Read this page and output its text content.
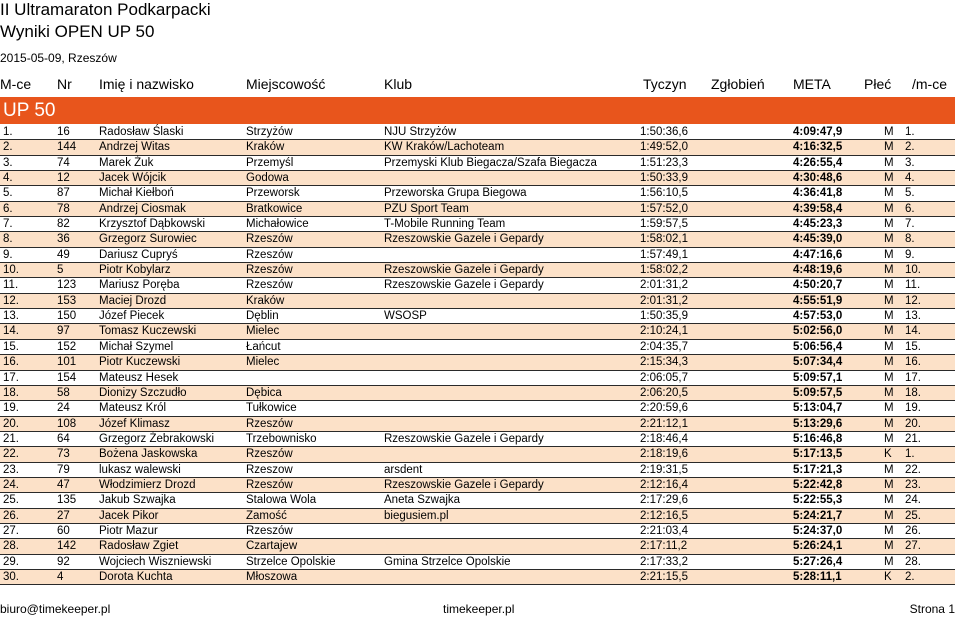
II Ultramaraton Podkarpacki
Wyniki OPEN UP 50
2015-05-09, Rzeszów
M-ce Nr Imię i nazwisko	Miejscowość	Klub	Tyczyn Zgłobień META Płeć /m-ce
UP 50
1.	16	Radosław Ślaski	Strzyżów	NJU Strzyżów	1:50:36,6	4:09:47,9	M 1.
2.	144 Andrzej Witas	Kraków	KW Kraków/Lachoteam	1:49:52,0	4:16:32,5	M 2.
3.	74	Marek Żuk	Przemyśl	Przemyski Klub Biegacza/Szafa Biegacza	1:51:23,3	4:26:55,4	M 3.
4.	12	Jacek Wójcik	Godowa	1:50:33,9	4:30:48,6	M 4.
5.	87	Michał Kiełboń	Przeworsk	Przeworska Grupa Biegowa	1:56:10,5	4:36:41,8	M 5.
6.	78	Andrzej Ciosmak	Bratkowice	PZU Sport Team	1:57:52,0	4:39:58,4	M 6.
7.	82	Krzysztof Dąbkowski	Michałowice	T-Mobile Running Team	1:59:57,5	4:45:23,3	M 7.
8.	36	Grzegorz Surowiec	Rzeszów	Rzeszowskie Gazele i Gepardy	1:58:02,1	4:45:39,0	M 8.
9.	49	Dariusz Cupryś	Rzeszów	1:57:49,1	4:47:16,6	M 9.
10.	5	Piotr Kobylarz	Rzeszów	Rzeszowskie Gazele i Gepardy	1:58:02,2	4:48:19,6	M 10.
11.	123 Mariusz Poręba	Rzeszów	Rzeszowskie Gazele i Gepardy	2:01:31,2	4:50:20,7	M 11.
12.	153 Maciej Drozd	Kraków	2:01:31,2	4:55:51,9	M 12.
13.	150 Józef Piecek	Dęblin	WSOSP	1:50:35,9	4:57:53,0	M 13.
14.	97	Tomasz Kuczewski	Mielec	2:10:24,1	5:02:56,0	M 14.
15.	152 Michał Szymel	Łańcut	2:04:35,7	5:06:56,4	M 15.
16.	101 Piotr Kuczewski	Mielec	2:15:34,3	5:07:34,4	M 16.
17.	154 Mateusz Hesek	2:06:05,7	5:09:57,1	M 17.
18.	58	Dionizy Szczudło	Dębica	2:06:20,5	5:09:57,5	M 18.
19.	24	Mateusz Król	Tułkowice	2:20:59,6	5:13:04,7	M 19.
20.	108 Józef Klimasz	Rzeszów	2:21:12,1	5:13:29,6	M 20.
21.	64	Grzegorz Żebrakowski	Trzebownisko	Rzeszowskie Gazele i Gepardy	2:18:46,4	5:16:46,8	M 21.
22.	73	Bożena Jaskowska	Rzeszów	2:18:19,6	5:17:13,5	K 1.
23.	79	lukasz walewski	Rzeszow	arsdent	2:19:31,5	5:17:21,3	M 22.
24.	47	Włodzimierz Drozd	Rzeszów	Rzeszowskie Gazele i Gepardy	2:12:16,4	5:22:42,8	M 23.
25.	135 Jakub Szwajka	Stalowa Wola	Aneta Szwajka	2:17:29,6	5:22:55,3	M 24.
26.	27	Jacek Pikor	Zamość	biegusiem.pl	2:12:16,5	5:24:21,7	M 25.
27.	60	Piotr Mazur	Rzeszów	2:21:03,4	5:24:37,0	M 26.
28.	142 Radosław Zgiet	Czartajew	2:17:11,2	5:26:24,1	M 27.
29.	92	Wojciech Wiszniewski	Strzelce Opolskie	Gmina Strzelce Opolskie	2:17:33,2	5:27:26,4	M 28.
30.	4	Dorota Kuchta	Młoszowa	2:21:15,5	5:28:11,1	K 2.
biuro@timekeeper.pl	timekeeper.pl	Strona 1
